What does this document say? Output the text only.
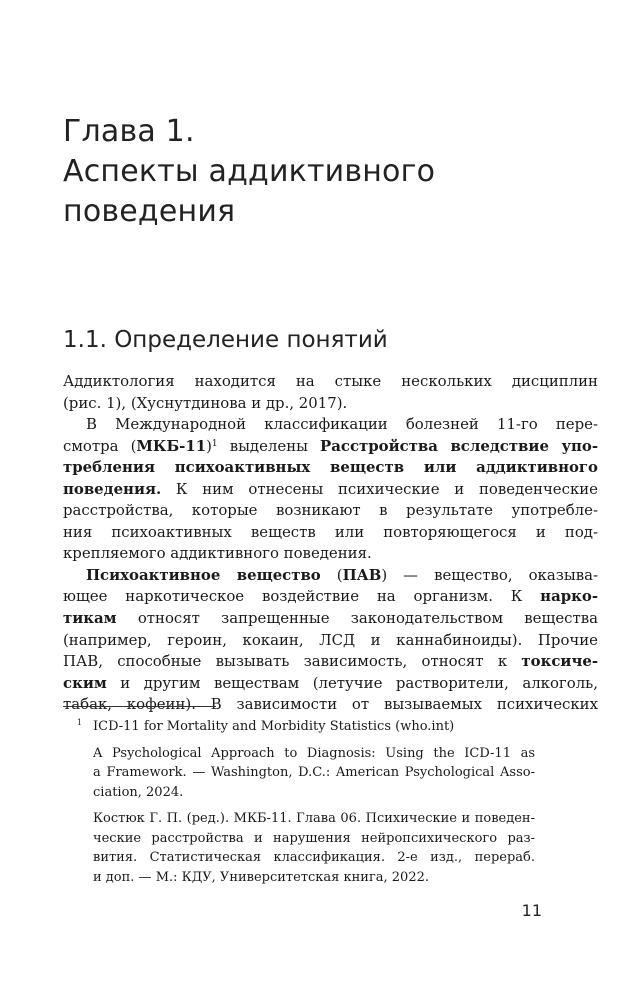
Глава 1.
Аспекты аддиктивного
поведения
1.1. Определение понятий
Аддиктология находится на стыке нескольких дисциплин
(рис. 1), (Хуснутдинова и др., 2017).
В Международной классификации болезней 11-го пере-
смотра $(МКБ-11)^1$ выделены Расстройства вследствие упо-
требления психоактивных веществ или аддиктивного
поведения. К ним отнесены психические и поведенческие
расстройства, которые возникают в результате употребле-
ния психоактивных веществ или повторяющегося и под-
крепляемого аддиктивного поведения.
Психоактивное вещество (ПАВ) — вещество, оказыва-
ющее наркотическое воздействие на организм. К нарко-
тикам относят запрещенные законодательством вещества
(например, героин, кокаин, ЛСД и каннабиноиды). Прочие
ПАВ, способные вызывать зависимость, относят к токсиче-
ским и другим веществам (летучие растворители, алкоголь,
табак, кофеин). В зависимости от вызываемых психических
1 ICD-11 for Mortality and Morbidity Statistics (who.int)
A Psychological Approach to Diagnosis: Using the ICD-11 as
a Framework. — Washington, D.C.: American Psychological Asso-
ciation, 2024.
Костюк Г. П. (ред.). МКБ-11. Глава 06. Психические и поведен-
ческие расстройства и нарушения нейропсихического раз-
вития. Статистическая классификация. 2-е изд., перераб.
и доп. — М.: КДУ, Университетская книга, 2022.
11
